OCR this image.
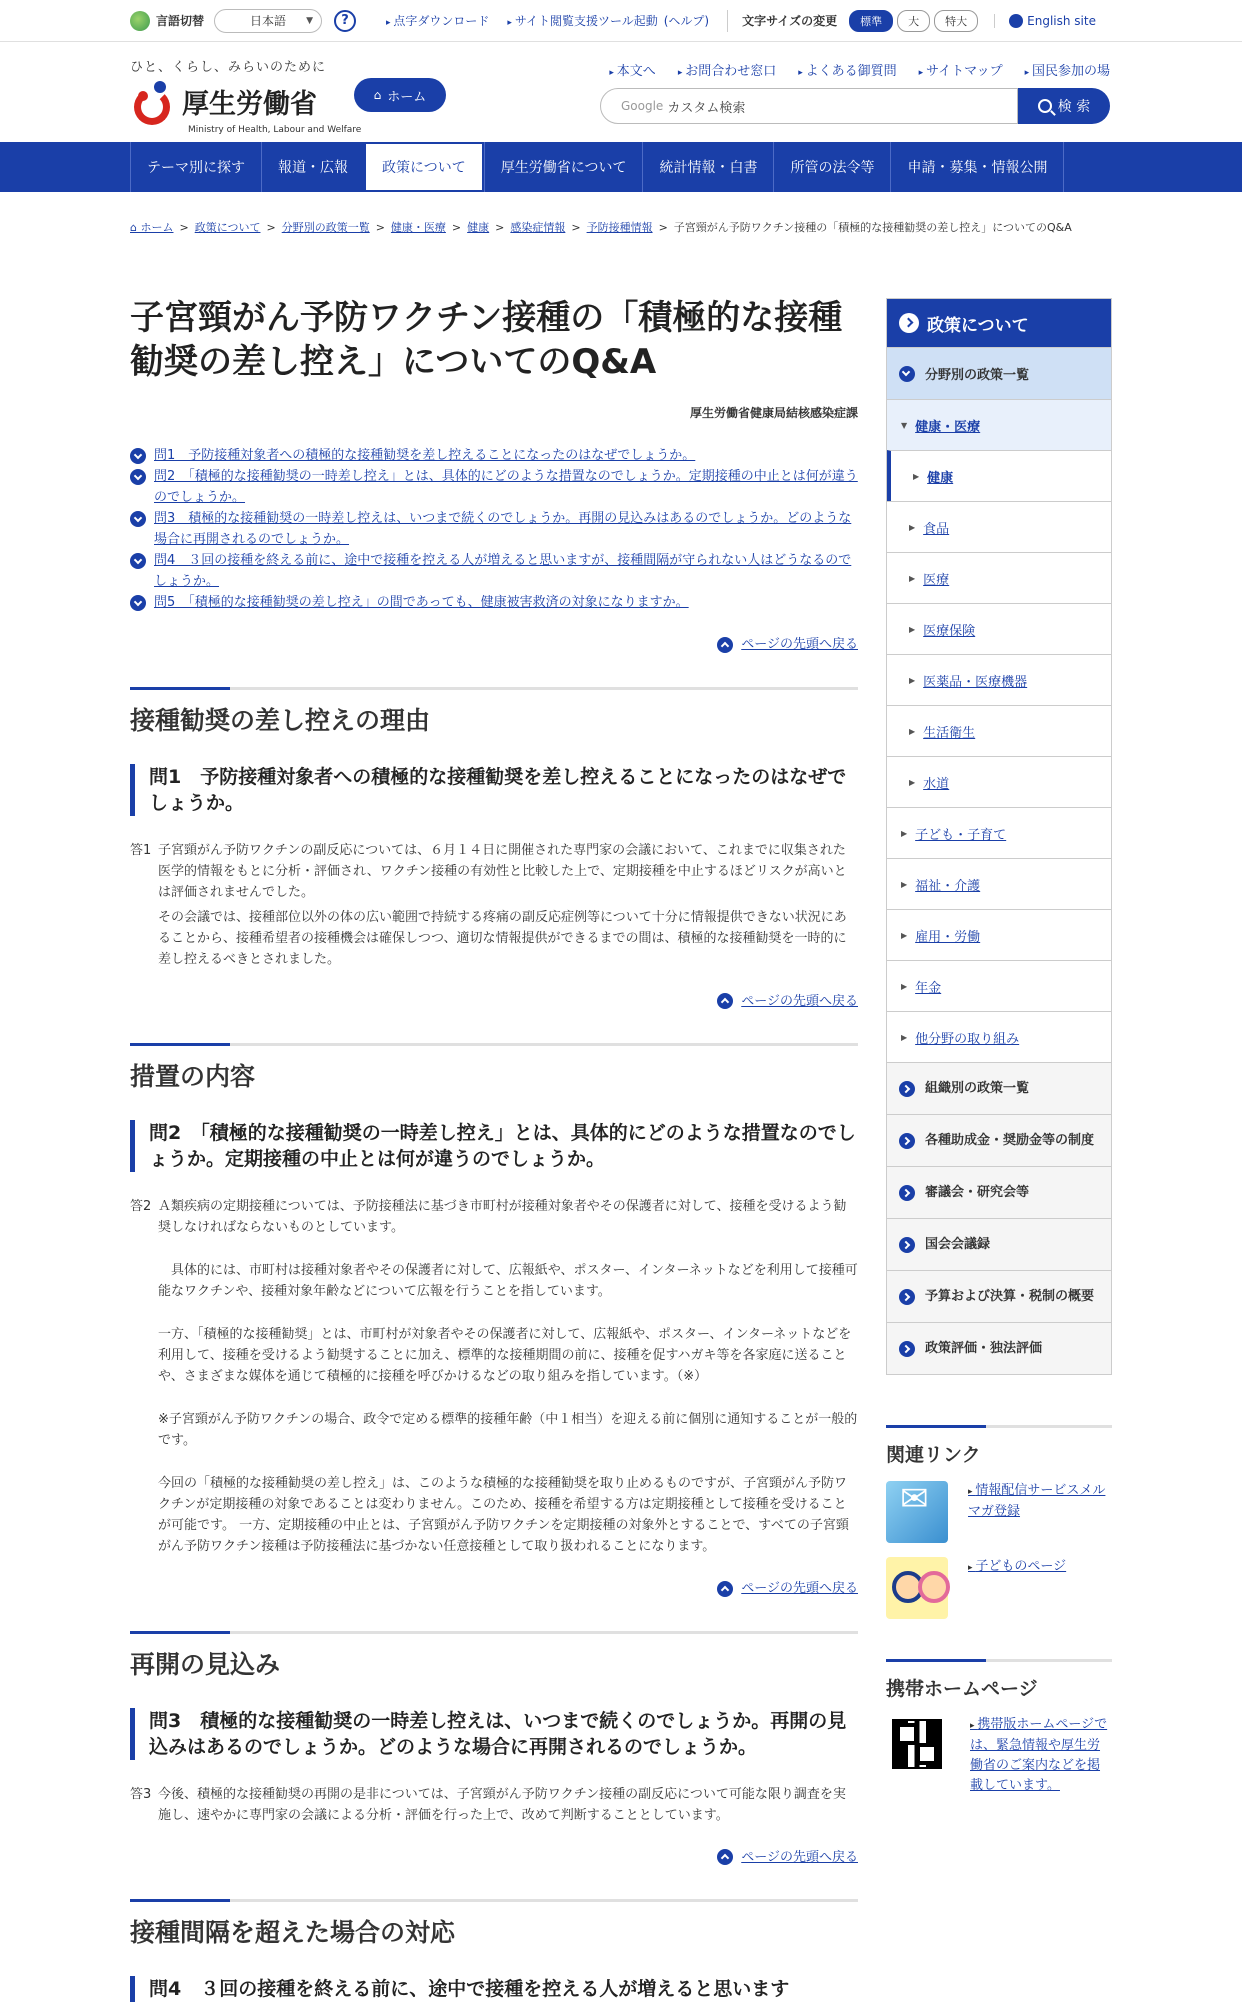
言語切替	日本語 ▼	?	▸ 点字ダウンロード	▸ サイト閲覧支援ツール起動 (ヘルプ)	文字サイズの変更	標準	大	特大	English site
ひと、くらし、みらいのために
厚生労働省
Ministry of Health, Labour and Welfare
⌂ ホーム
▸ 本文へ	▸ お問合わせ窓口	▸ よくある御質問	▸ サイトマップ	▸ 国民参加の場
Google カスタム検索	検 索
テーマ別に探す	報道・広報	政策について	厚生労働省について	統計情報・白書	所管の法令等	申請・募集・情報公開
⌂ ホーム > 政策について > 分野別の政策一覧 > 健康・医療 > 健康 > 感染症情報 > 予防接種情報 > 子宮頸がん予防ワクチン接種の「積極的な接種勧奨の差し控え」についてのQ&A
子宮頸がん予防ワクチン接種の「積極的な接種勧奨の差し控え」についてのQ&A
厚生労働省健康局結核感染症課
問1　予防接種対象者への積極的な接種勧奨を差し控えることになったのはなぜでしょうか。
問2　「積極的な接種勧奨の一時差し控え」とは、具体的にどのような措置なのでしょうか。定期接種の中止とは何が違うのでしょうか。
問3　積極的な接種勧奨の一時差し控えは、いつまで続くのでしょうか。再開の見込みはあるのでしょうか。どのような場合に再開されるのでしょうか。
問4　３回の接種を終える前に、途中で接種を控える人が増えると思いますが、接種間隔が守られない人はどうなるのでしょうか。
問5　「積極的な接種勧奨の差し控え」の間であっても、健康被害救済の対象になりますか。
ページの先頭へ戻る
接種勧奨の差し控えの理由
問1　予防接種対象者への積極的な接種勧奨を差し控えることになったのはなぜでしょうか。
答1 子宮頸がん予防ワクチンの副反応については、６月１４日に開催された専門家の会議において、これまでに収集された医学的情報をもとに分析・評価され、ワクチン接種の有効性と比較した上で、定期接種を中止するほどリスクが高いとは評価されませんでした。

その会議では、接種部位以外の体の広い範囲で持続する疼痛の副反応症例等について十分に情報提供できない状況にあることから、接種希望者の接種機会は確保しつつ、適切な情報提供ができるまでの間は、積極的な接種勧奨を一時的に差し控えるべきとされました。

ページの先頭へ戻る
措置の内容
問2　「積極的な接種勧奨の一時差し控え」とは、具体的にどのような措置なのでしょうか。定期接種の中止とは何が違うのでしょうか。
答2 Ａ類疾病の定期接種については、予防接種法に基づき市町村が接種対象者やその保護者に対して、接種を受けるよう勧奨しなければならないものとしています。

　具体的には、市町村は接種対象者やその保護者に対して、広報紙や、ポスター、インターネットなどを利用して接種可能なワクチンや、接種対象年齢などについて広報を行うことを指しています。

一方、「積極的な接種勧奨」とは、市町村が対象者やその保護者に対して、広報紙や、ポスター、インターネットなどを利用して、接種を受けるよう勧奨することに加え、標準的な接種期間の前に、接種を促すハガキ等を各家庭に送ることや、さまざまな媒体を通じて積極的に接種を呼びかけるなどの取り組みを指しています。（※）

※子宮頸がん予防ワクチンの場合、政令で定める標準的接種年齢（中１相当）を迎える前に個別に通知することが一般的です。

今回の「積極的な接種勧奨の差し控え」は、このような積極的な接種勧奨を取り止めるものですが、子宮頸がん予防ワクチンが定期接種の対象であることは変わりません。このため、接種を希望する方は定期接種として接種を受けることが可能です。 一方、定期接種の中止とは、子宮頸がん予防ワクチンを定期接種の対象外とすることで、すべての子宮頸がん予防ワクチン接種は予防接種法に基づかない任意接種として取り扱われることになります。

ページの先頭へ戻る
再開の見込み
問3　積極的な接種勧奨の一時差し控えは、いつまで続くのでしょうか。再開の見込みはあるのでしょうか。どのような場合に再開されるのでしょうか。
答3 今後、積極的な接種勧奨の再開の是非については、子宮頸がん予防ワクチン接種の副反応について可能な限り調査を実施し、速やかに専門家の会議による分析・評価を行った上で、改めて判断することとしています。

ページの先頭へ戻る
接種間隔を超えた場合の対応
問4　３回の接種を終える前に、途中で接種を控える人が増えると思います
政策について
分野別の政策一覧
▼ 健康・医療
▶ 健康
▶ 食品
▶ 医療
▶ 医療保険
▶ 医薬品・医療機器
▶ 生活衛生
▶ 水道
▶ 子ども・子育て
▶ 福祉・介護
▶ 雇用・労働
▶ 年金
▶ 他分野の取り組み
組織別の政策一覧
各種助成金・奨励金等の制度
審議会・研究会等
国会会議録
予算および決算・税制の概要
政策評価・独法評価
関連リンク
✉
▸ 情報配信サービスメルマガ登録
▸ 子どものページ
携帯ホームページ
▸ 携帯版ホームページでは、緊急情報や厚生労働省のご案内などを掲載しています。
